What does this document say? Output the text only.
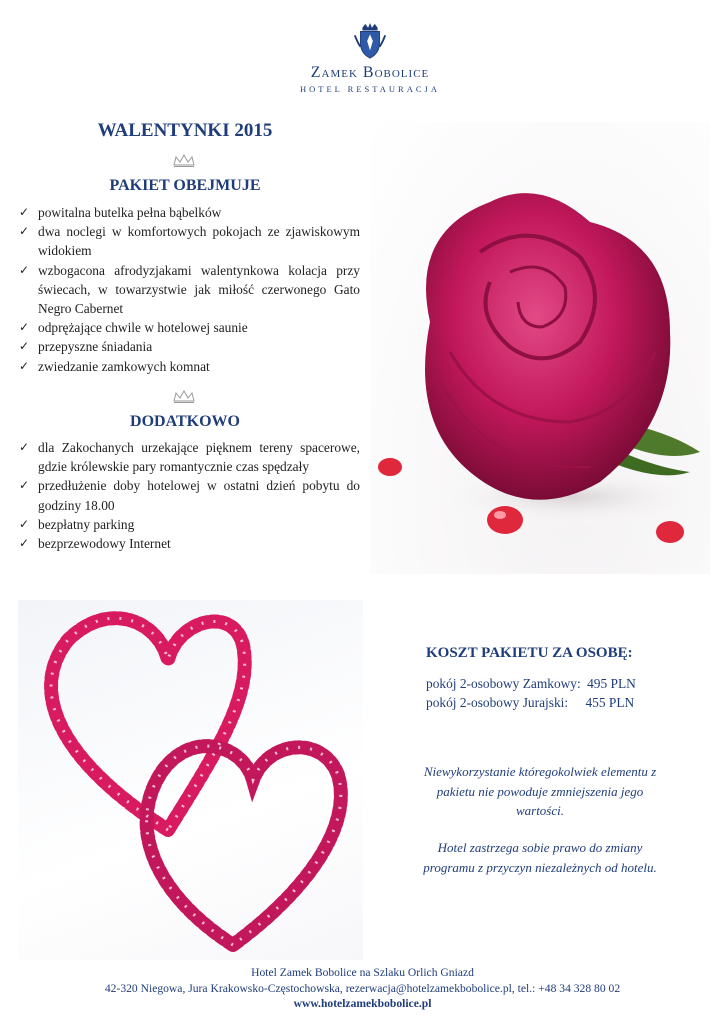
Zamek Bobolice
HOTEL RESTAURACJA
WALENTYNKI 2015
PAKIET OBEJMUJE
✓ powitalna butelka pełna bąbelków
✓ dwa noclegi w komfortowych pokojach ze zjawiskowym widokiem
✓ wzbogacona afrodyzjakami walentynkowa kolacja przy świecach, w towarzystwie jak miłość czerwonego Gato Negro Cabernet
✓ odprężające chwile w hotelowej saunie
✓ przepyszne śniadania
✓ zwiedzanie zamkowych komnat
DODATKOWO
✓ dla Zakochanych urzekające pięknem tereny spacerowe, gdzie królewskie pary romantycznie czas spędzały
✓ przedłużenie doby hotelowej w ostatni dzień pobytu do godziny 18.00
✓ bezpłatny parking
✓ bezprzewodowy Internet
KOSZT PAKIETU ZA OSOBĘ:
pokój 2-osobowy Zamkowy: 495 PLN
pokój 2-osobowy Jurajski: 455 PLN
Niewykorzystanie któregokolwiek elementu z pakietu nie powoduje zmniejszenia jego wartości.
Hotel zastrzega sobie prawo do zmiany programu z przyczyn niezależnych od hotelu.
Hotel Zamek Bobolice na Szlaku Orlich Gniazd
42-320 Niegowa, Jura Krakowsko-Częstochowska, rezerwacja@hotelzamekbobolice.pl, tel.: +48 34 328 80 02
www.hotelzamekbobolice.pl
